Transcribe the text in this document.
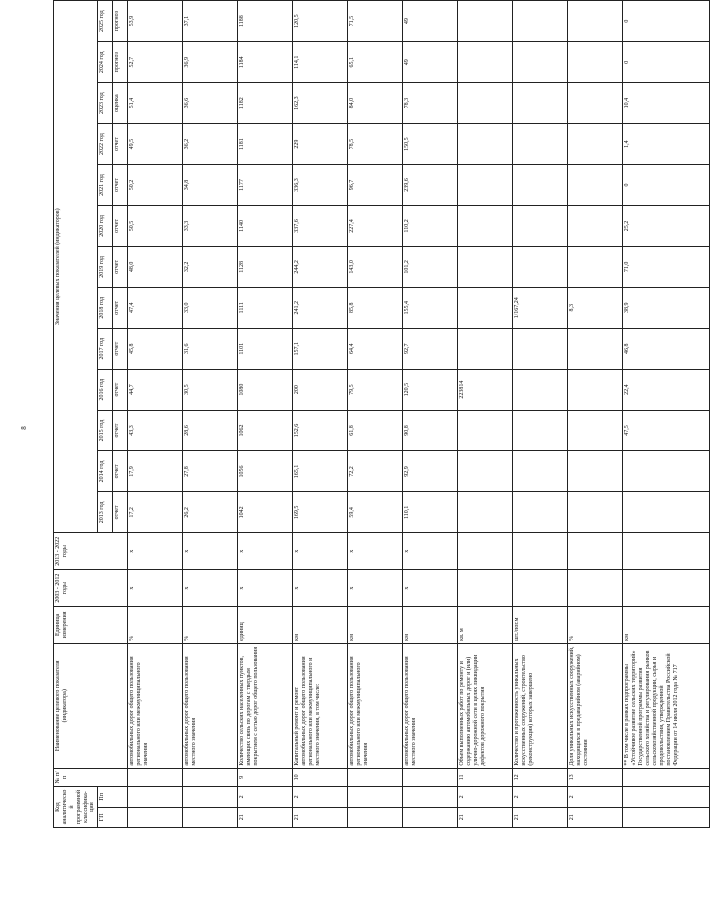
8
Код аналитической программной классифика-ции		№ п/п	Наименование целевого показателя (индикатора)	Единица измерения	2003 - 2012 годы	2013 - 2022 годы	Значения целевых показателей (индикаторов)												
ГП	Пп						2013 год	2014 год	2015 год	2016 год	2017 год	2018 год	2019 год	2020 год	2021 год	2022 год	2023 год	2024 год	2025 год
							отчет	отчет	отчет	отчет	отчет	отчет	отчет	отчет	отчет	отчет	оценка	прогноз	прогноз
			автомобильных дорог общего пользования регионального или межмуниципального значения	%	x	x	17,2	17,9	43,3	44,7	45,8	47,4	48,0	50,5	50,2	49,5	51,4	52,7	53,9
			автомобильных дорог общего пользования местного значения	%	x	x	26,2	27,8	28,6	30,5	31,6	33,0	32,2	33,3	34,8	36,2	36,6	36,9	37,1
21	2	9	Количество сельских населенных пунктов, имеющих связь по дорогам с твердым покрытием с сетью дорог общего пользования	единиц	x	x	1042	1056	1062	1080	1101	1111	1128	1140	1177	1181	1182	1184	1188
21	2	10	Капитальный ремонт и ремонт автомобильных дорог общего пользования регионального или межмуниципального и местного значения, в том числе:	км	x	x	169,5	165,1	152,6	200	157,1	241,2	244,2	337,6	336,3	229	162,3	114,1	120,5
			автомобильных дорог общего пользования регионального или межмуниципального значения	км	x	x	59,4	72,2	61,8	79,5	64,4	85,8	143,0	227,4	96,7	78,5	84,0	65,1	71,5
			автомобильных дорог общего пользования местного значения	км	x	x	110,1	92,9	90,8	120,5	92,7	155,4	101,2	110,2	239,6	150,5	78,3	49	49
21	2	11	Объем выполненных работ по ремонту и содержанию автомобильных дорог и (или) улично-дорожной сети в целях ликвидации дефектов дорожного покрытия	кв. м						223814									
21	2	12	Количество и протяженность уникальных искусственных сооружений, строительство (реконструкция) которых завершено	шт./пог.м								1/167,24							
21	2	13	Доля уникальных искусственных сооружений, находящихся в предаварийном (аварийном) состоянии	%								8,3							
			** В том числе в рамках подпрограммы «Устойчивое развитие сельских территорий» Государственной программы развития сельского хозяйства и регулирования рынков сельскохозяйственной продукции, сырья и продовольствия, утвержденной постановлением Правительства Российской Федерации от 14 июля 2012 года № 717	км					47,5	22,4	46,8	38,9	71,0	25,2	0	1,4	10,4	0	0
